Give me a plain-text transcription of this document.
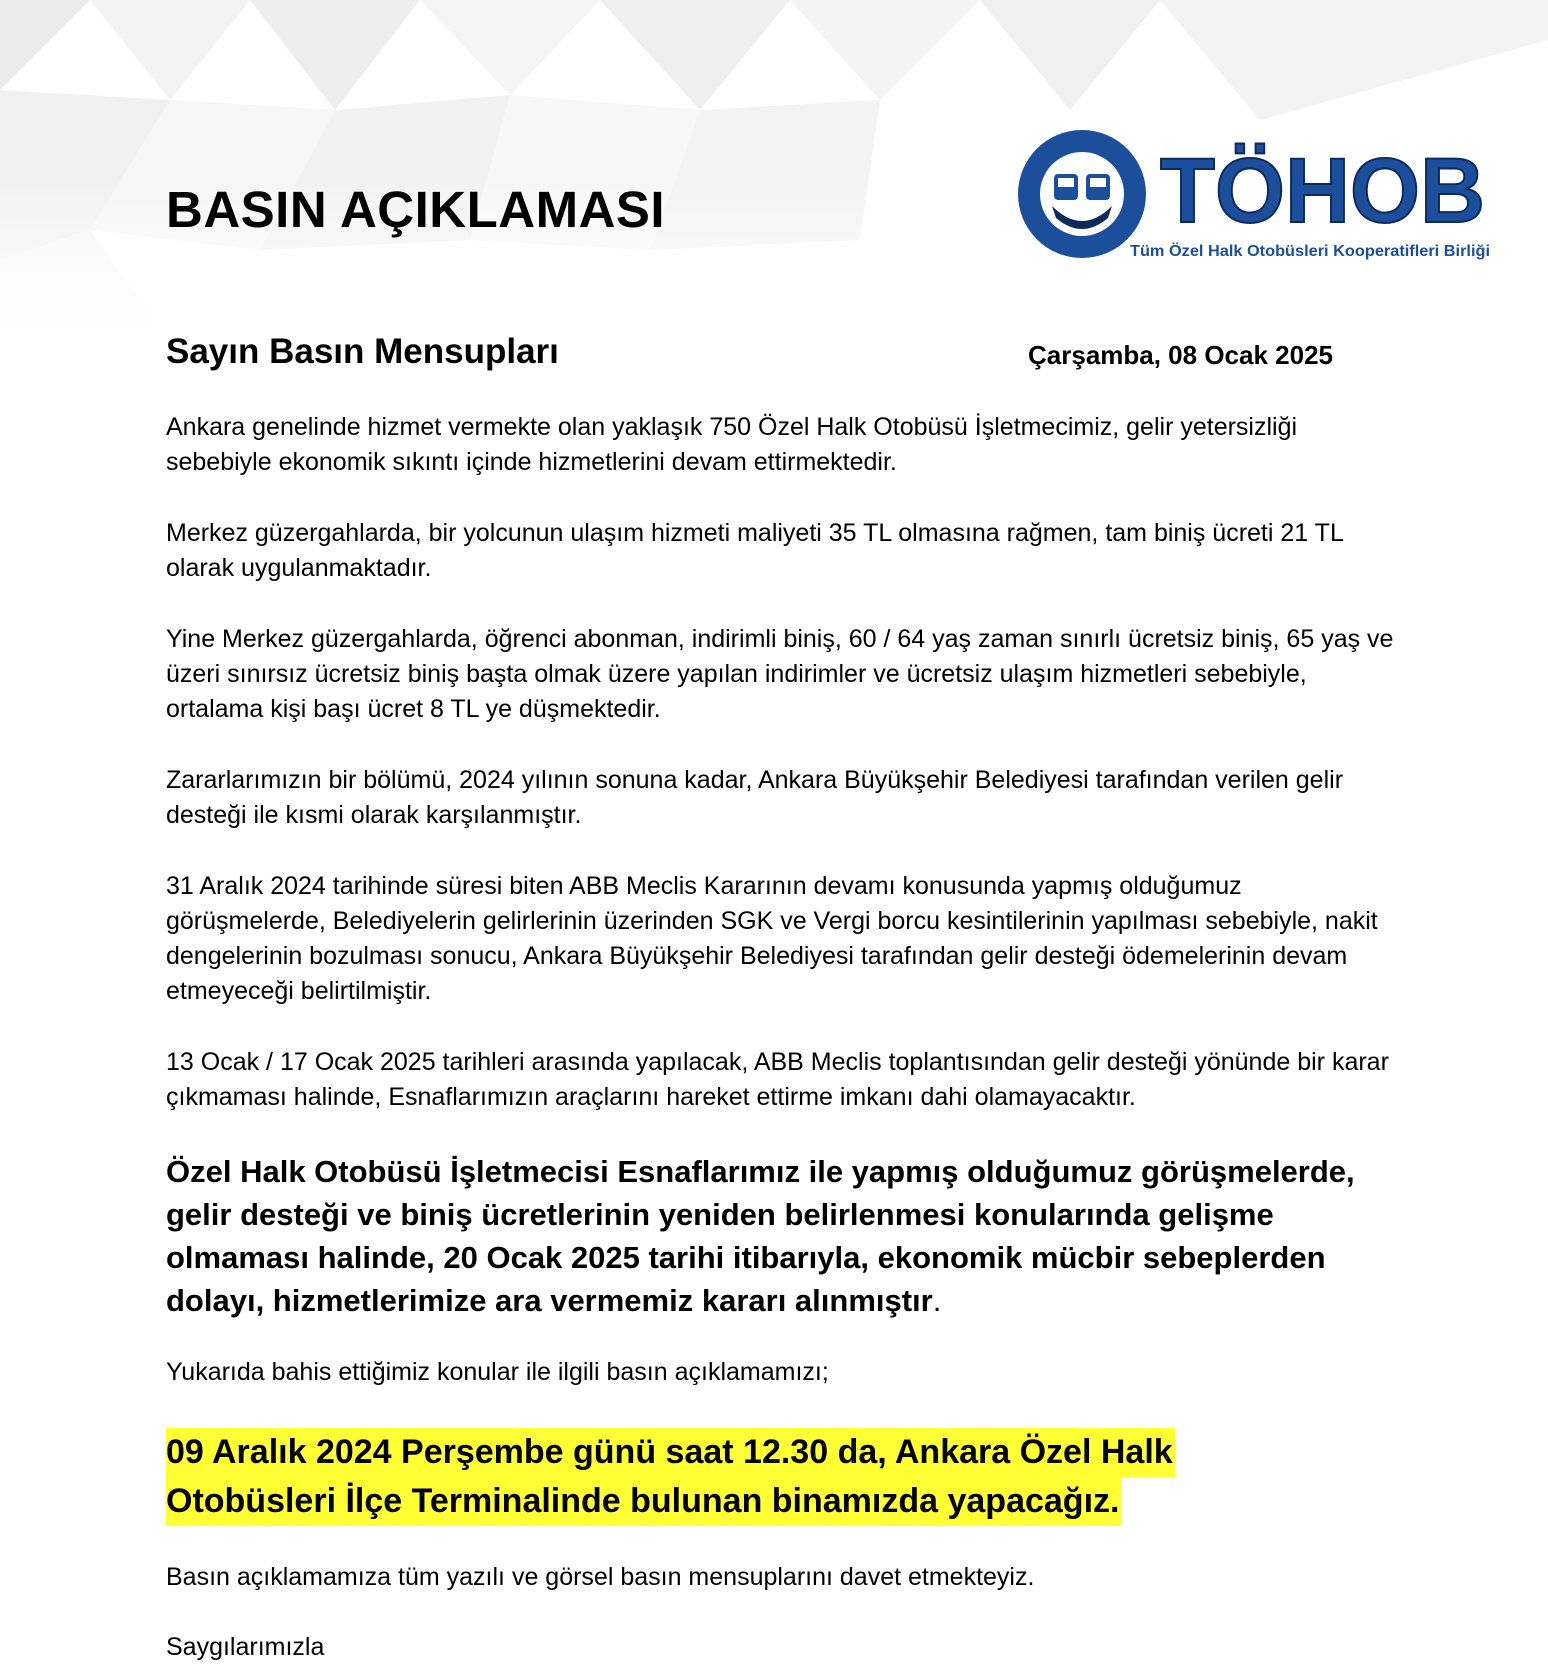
TÖHOB
Tüm Özel Halk Otobüsleri Kooperatifleri Birliği
BASIN AÇIKLAMASI
Sayın Basın Mensupları	Çarşamba, 08 Ocak 2025

Ankara genelinde hizmet vermekte olan yaklaşık 750 Özel Halk Otobüsü İşletmecimiz, gelir yetersizliği sebebiyle ekonomik sıkıntı içinde hizmetlerini devam ettirmektedir.

Merkez güzergahlarda, bir yolcunun ulaşım hizmeti maliyeti 35 TL olmasına rağmen, tam biniş ücreti 21 TL olarak uygulanmaktadır.

Yine Merkez güzergahlarda, öğrenci abonman, indirimli biniş, 60 / 64 yaş zaman sınırlı ücretsiz biniş, 65 yaş ve üzeri sınırsız ücretsiz biniş başta olmak üzere yapılan indirimler ve ücretsiz ulaşım hizmetleri sebebiyle, ortalama kişi başı ücret 8 TL ye düşmektedir.

Zararlarımızın bir bölümü, 2024 yılının sonuna kadar, Ankara Büyükşehir Belediyesi tarafından verilen gelir desteği ile kısmi olarak karşılanmıştır.

31 Aralık 2024 tarihinde süresi biten ABB Meclis Kararının devamı konusunda yapmış olduğumuz görüşmelerde, Belediyelerin gelirlerinin üzerinden SGK ve Vergi borcu kesintilerinin yapılması sebebiyle, nakit dengelerinin bozulması sonucu, Ankara Büyükşehir Belediyesi tarafından gelir desteği ödemelerinin devam etmeyeceği belirtilmiştir.

13 Ocak / 17 Ocak 2025 tarihleri arasında yapılacak, ABB Meclis toplantısından gelir desteği yönünde bir karar çıkmaması halinde, Esnaflarımızın araçlarını hareket ettirme imkanı dahi olamayacaktır.

Özel Halk Otobüsü İşletmecisi Esnaflarımız ile yapmış olduğumuz görüşmelerde, gelir desteği ve biniş ücretlerinin yeniden belirlenmesi konularında gelişme olmaması halinde, 20 Ocak 2025 tarihi itibarıyla, ekonomik mücbir sebeplerden dolayı, hizmetlerimize ara vermemiz kararı alınmıştır.

Yukarıda bahis ettiğimiz konular ile ilgili basın açıklamamızı;

09 Aralık 2024 Perşembe günü saat 12.30 da, Ankara Özel Halk
Otobüsleri İlçe Terminalinde bulunan binamızda yapacağız.

Basın açıklamamıza tüm yazılı ve görsel basın mensuplarını davet etmekteyiz.

Saygılarımızla
